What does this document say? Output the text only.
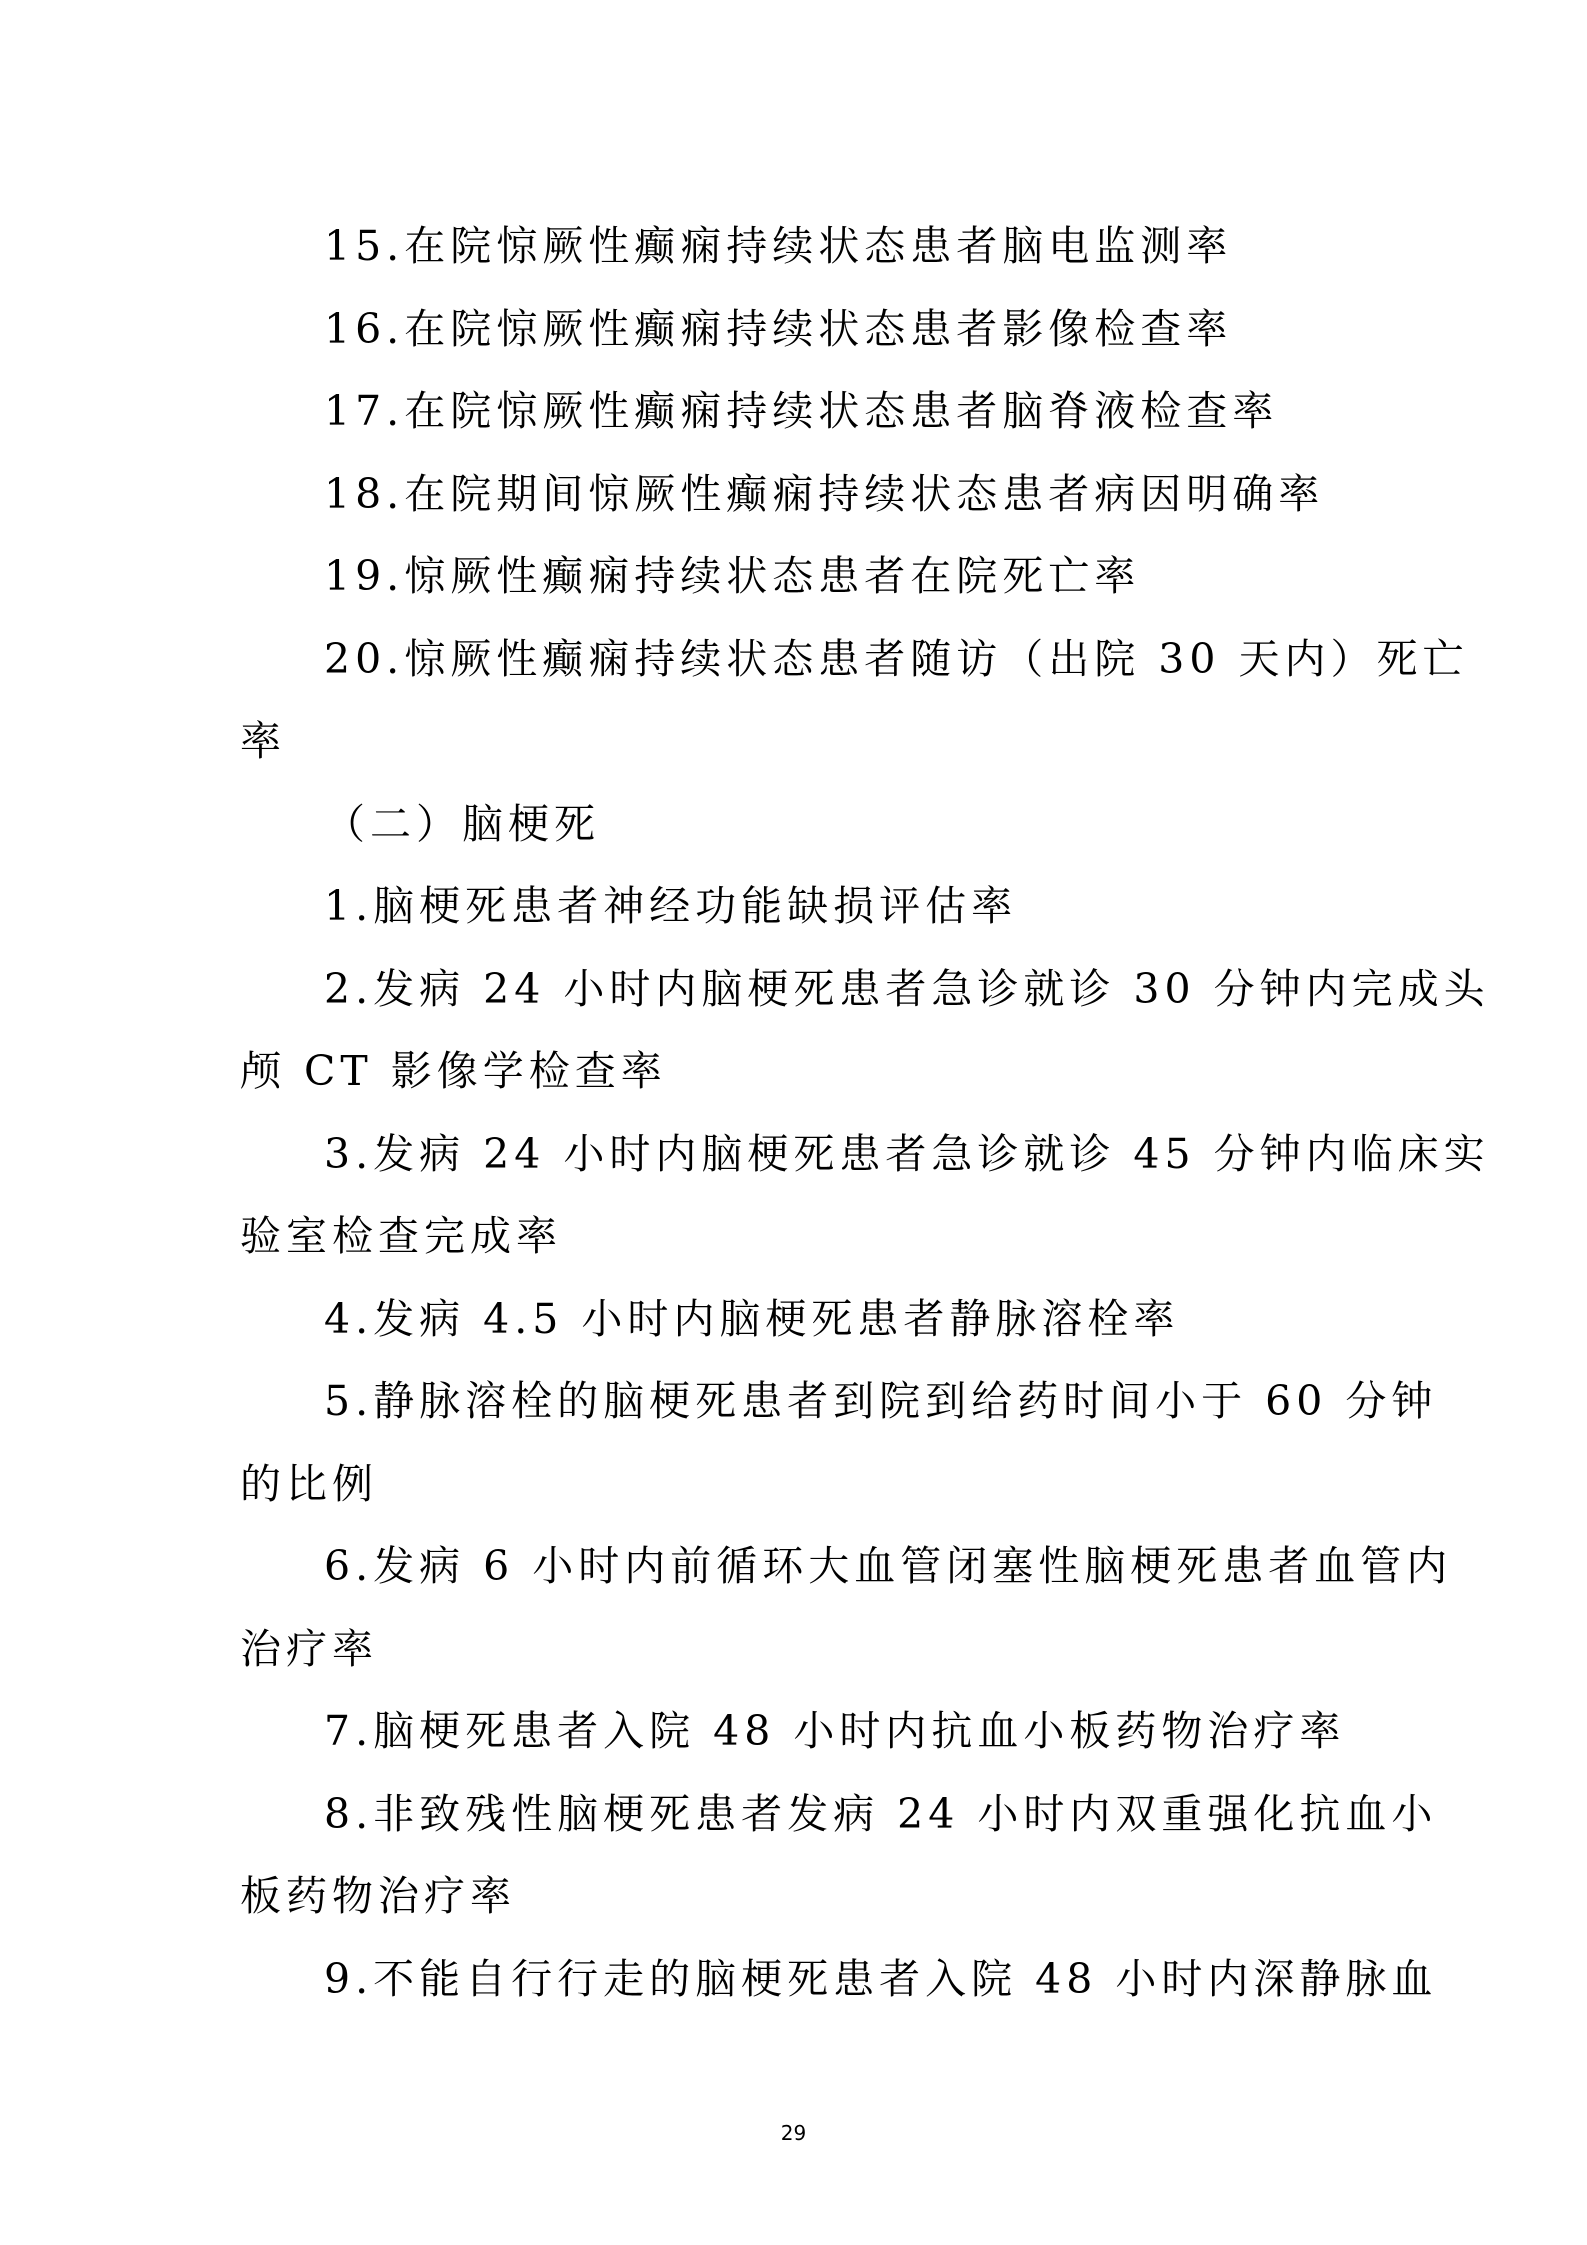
15.在院惊厥性癫痫持续状态患者脑电监测率
16.在院惊厥性癫痫持续状态患者影像检查率
17.在院惊厥性癫痫持续状态患者脑脊液检查率
18.在院期间惊厥性癫痫持续状态患者病因明确率
19.惊厥性癫痫持续状态患者在院死亡率
20.惊厥性癫痫持续状态患者随访（出院 30 天内）死亡
率
（二）脑梗死
1.脑梗死患者神经功能缺损评估率
2.发病 24 小时内脑梗死患者急诊就诊 30 分钟内完成头
颅 CT 影像学检查率
3.发病 24 小时内脑梗死患者急诊就诊 45 分钟内临床实
验室检查完成率
4.发病 4.5 小时内脑梗死患者静脉溶栓率
5.静脉溶栓的脑梗死患者到院到给药时间小于 60 分钟
的比例
6.发病 6 小时内前循环大血管闭塞性脑梗死患者血管内
治疗率
7.脑梗死患者入院 48 小时内抗血小板药物治疗率
8.非致残性脑梗死患者发病 24 小时内双重强化抗血小
板药物治疗率
9.不能自行行走的脑梗死患者入院 48 小时内深静脉血
29
